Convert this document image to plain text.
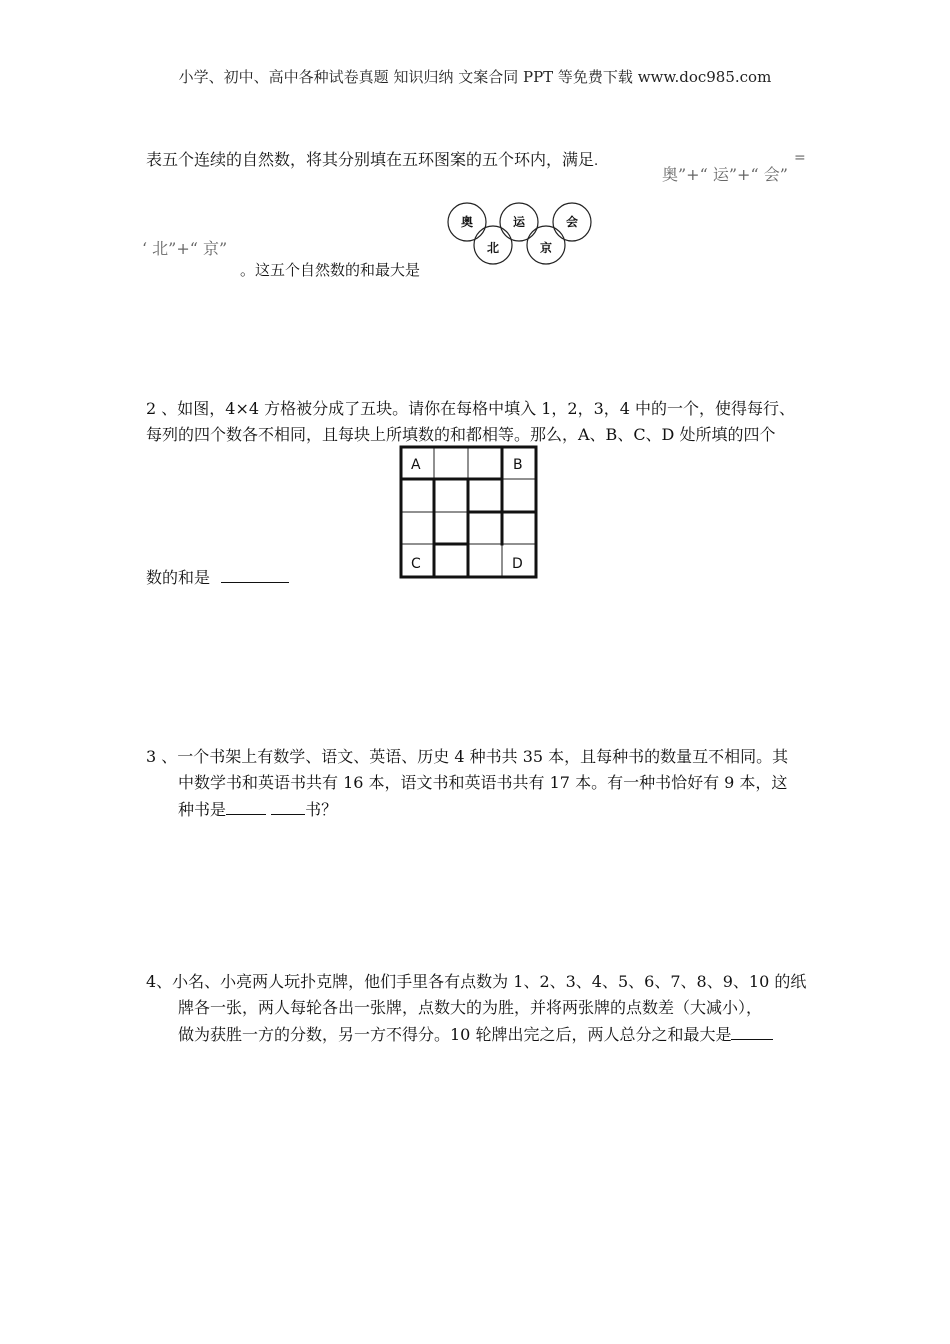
小学、初中、高中各种试卷真题 知识归纳 文案合同 PPT 等免费下载 www.doc985.com
表五个连续的自然数，将其分别填在五环图案的五个环内，满足.
奥”+“ 运”+“ 会”
=
‘ 北”+“ 京”
。这五个自然数的和最大是
奥	运	会
北	京
2 、如图，4×4 方格被分成了五块。请你在每格中填入 1，2，3，4 中的一个，使得每行、
每列的四个数各不相同，且每块上所填数的和都相等。那么，A、B、C、D 处所填的四个
数的和是
A	B
C	D
3 、一个书架上有数学、语文、英语、历史 4 种书共 35 本，且每种书的数量互不相同。其
中数学书和英语书共有 16 本，语文书和英语书共有 17 本。有一种书恰好有 9 本，这
种书是	书？
4、小名、小亮两人玩扑克牌，他们手里各有点数为 1、2、3、4、5、6、7、8、9、10 的纸
牌各一张，两人每轮各出一张牌，点数大的为胜，并将两张牌的点数差（大减小），
做为获胜一方的分数，另一方不得分。10 轮牌出完之后，两人总分之和最大是
